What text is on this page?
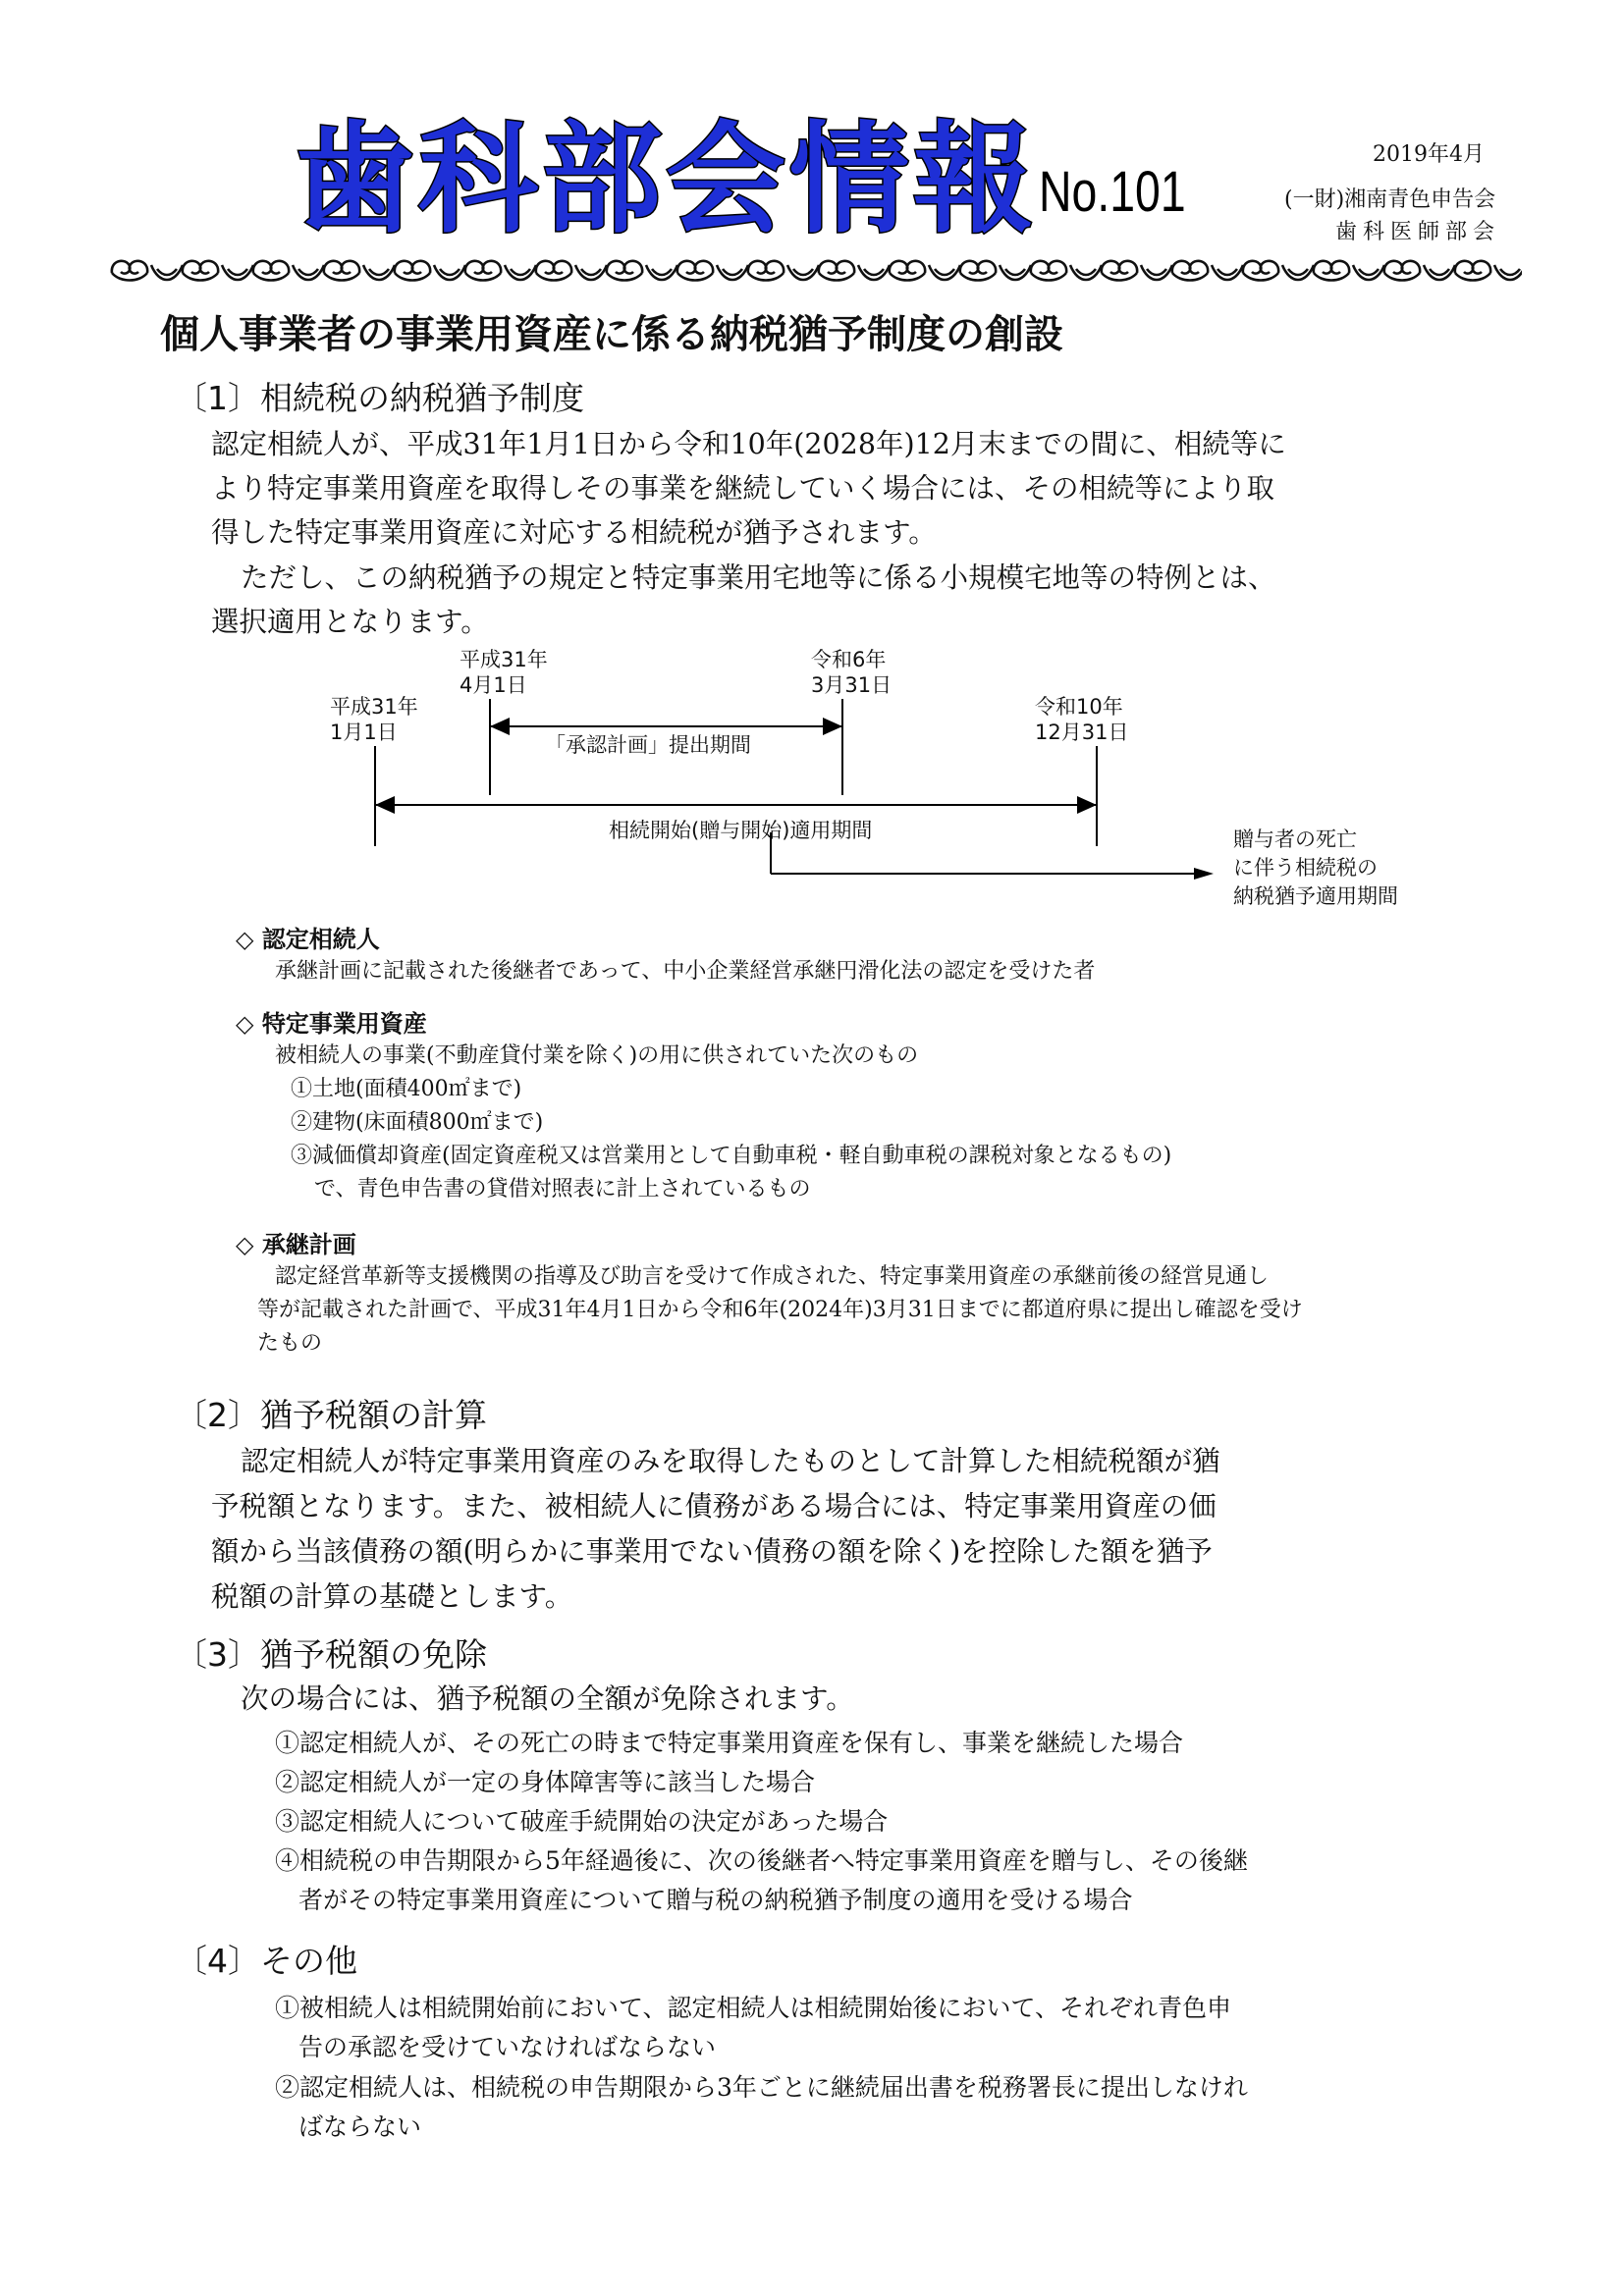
歯科部会情報 No.101
2019年4月
(一財)湘南青色申告会
歯科医師部会
個人事業者の事業用資産に係る納税猶予制度の創設
〔1〕相続税の納税猶予制度
認定相続人が、平成31年1月1日から令和10年(2028年)12月末までの間に、相続等に
より特定事業用資産を取得しその事業を継続していく場合には、その相続等により取
得した特定事業用資産に対応する相続税が猶予されます。
ただし、この納税猶予の規定と特定事業用宅地等に係る小規模宅地等の特例とは、
選択適用となります。
平成31年
4月1日
令和6年
3月31日
平成31年
1月1日
令和10年
12月31日
「承認計画」提出期間
相続開始(贈与開始)適用期間	贈与者の死亡
に伴う相続税の
納税猶予適用期間
◇ 認定相続人
承継計画に記載された後継者であって、中小企業経営承継円滑化法の認定を受けた者
◇ 特定事業用資産
被相続人の事業(不動産貸付業を除く)の用に供されていた次のもの
①土地(面積400㎡まで)
②建物(床面積800㎡まで)
③減価償却資産(固定資産税又は営業用として自動車税・軽自動車税の課税対象となるもの)
で、青色申告書の貸借対照表に計上されているもの
◇ 承継計画
認定経営革新等支援機関の指導及び助言を受けて作成された、特定事業用資産の承継前後の経営見通し
等が記載された計画で、平成31年4月1日から令和6年(2024年)3月31日までに都道府県に提出し確認を受け
たもの
〔2〕猶予税額の計算
認定相続人が特定事業用資産のみを取得したものとして計算した相続税額が猶
予税額となります。また、被相続人に債務がある場合には、特定事業用資産の価
額から当該債務の額(明らかに事業用でない債務の額を除く)を控除した額を猶予
税額の計算の基礎とします。
〔3〕猶予税額の免除
次の場合には、猶予税額の全額が免除されます。
①認定相続人が、その死亡の時まで特定事業用資産を保有し、事業を継続した場合
②認定相続人が一定の身体障害等に該当した場合
③認定相続人について破産手続開始の決定があった場合
④相続税の申告期限から5年経過後に、次の後継者へ特定事業用資産を贈与し、その後継
者がその特定事業用資産について贈与税の納税猶予制度の適用を受ける場合
〔4〕その他
①被相続人は相続開始前において、認定相続人は相続開始後において、それぞれ青色申
告の承認を受けていなければならない
②認定相続人は、相続税の申告期限から3年ごとに継続届出書を税務署長に提出しなけれ
ばならない
